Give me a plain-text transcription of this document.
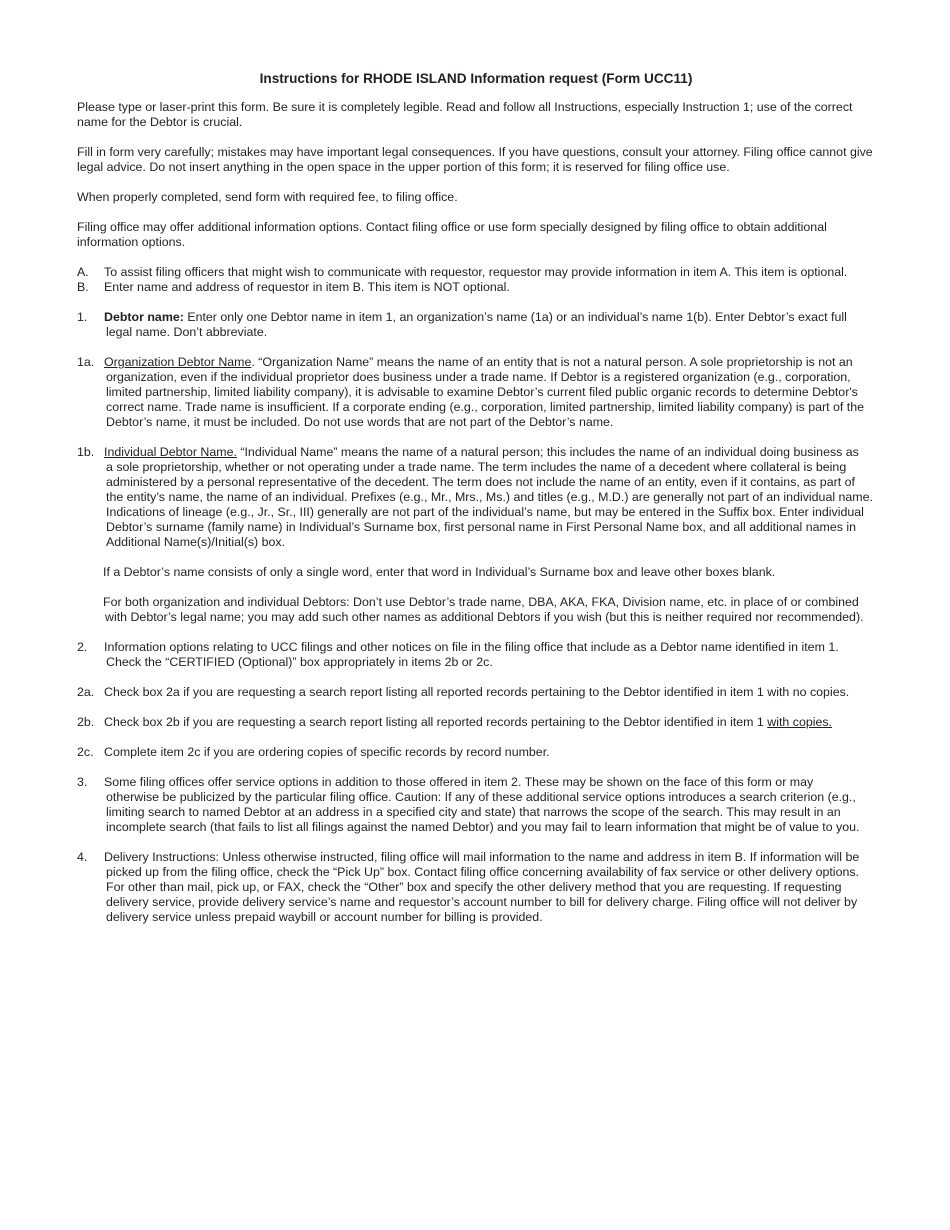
Instructions for RHODE ISLAND Information request (Form UCC11)

Please type or laser-print this form. Be sure it is completely legible. Read and follow all Instructions, especially Instruction 1; use of the correct name for the Debtor is crucial.

Fill in form very carefully; mistakes may have important legal consequences. If you have questions, consult your attorney. Filing office cannot give legal advice. Do not insert anything in the open space in the upper portion of this form; it is reserved for filing office use.

When properly completed, send form with required fee, to filing office.

Filing office may offer additional information options. Contact filing office or use form specially designed by filing office to obtain additional information options.

A. To assist filing officers that might wish to communicate with requestor, requestor may provide information in item A. This item is optional.
B. Enter name and address of requestor in item B. This item is NOT optional.
1. Debtor name: Enter only one Debtor name in item 1, an organization’s name (1a) or an individual’s name 1(b). Enter Debtor’s exact full
legal name. Don’t abbreviate.
1a. Organization Debtor Name. “Organization Name” means the name of an entity that is not a natural person. A sole proprietorship is not an
organization, even if the individual proprietor does business under a trade name. If Debtor is a registered organization (e.g., corporation, limited partnership, limited liability company), it is advisable to examine Debtor’s current filed public organic records to determine Debtor's correct name. Trade name is insufficient. If a corporate ending (e.g., corporation, limited partnership, limited liability company) is part of the Debtor’s name, it must be included. Do not use words that are not part of the Debtor’s name.
1b. Individual Debtor Name. “Individual Name” means the name of a natural person; this includes the name of an individual doing business as
a sole proprietorship, whether or not operating under a trade name. The term includes the name of a decedent where collateral is being administered by a personal representative of the decedent. The term does not include the name of an entity, even if it contains, as part of the entity’s name, the name of an individual. Prefixes (e.g., Mr., Mrs., Ms.) and titles (e.g., M.D.) are generally not part of an individual name. Indications of lineage (e.g., Jr., Sr., III) generally are not part of the individual’s name, but may be entered in the Suffix box. Enter individual Debtor’s surname (family name) in Individual’s Surname box, first personal name in First Personal Name box, and all additional names in Additional Name(s)/Initial(s) box.

If a Debtor’s name consists of only a single word, enter that word in Individual’s Surname box and leave other boxes blank.

For both organization and individual Debtors: Don’t use Debtor’s trade name, DBA, AKA, FKA, Division name, etc. in place of or combined
with Debtor’s legal name; you may add such other names as additional Debtors if you wish (but this is neither required nor recommended).
2. Information options relating to UCC filings and other notices on file in the filing office that include as a Debtor name identified in item 1.
Check the “CERTIFIED (Optional)” box appropriately in items 2b or 2c.
2a. Check box 2a if you are requesting a search report listing all reported records pertaining to the Debtor identified in item 1 with no copies.
2b. Check box 2b if you are requesting a search report listing all reported records pertaining to the Debtor identified in item 1 with copies.
2c. Complete item 2c if you are ordering copies of specific records by record number.
3. Some filing offices offer service options in addition to those offered in item 2. These may be shown on the face of this form or may
otherwise be publicized by the particular filing office. Caution: If any of these additional service options introduces a search criterion (e.g., limiting search to named Debtor at an address in a specified city and state) that narrows the scope of the search. This may result in an incomplete search (that fails to list all filings against the named Debtor) and you may fail to learn information that might be of value to you.
4. Delivery Instructions: Unless otherwise instructed, filing office will mail information to the name and address in item B. If information will be
picked up from the filing office, check the “Pick Up” box. Contact filing office concerning availability of fax service or other delivery options. For other than mail, pick up, or FAX, check the “Other” box and specify the other delivery method that you are requesting. If requesting delivery service, provide delivery service’s name and requestor’s account number to bill for delivery charge. Filing office will not deliver by delivery service unless prepaid waybill or account number for billing is provided.
